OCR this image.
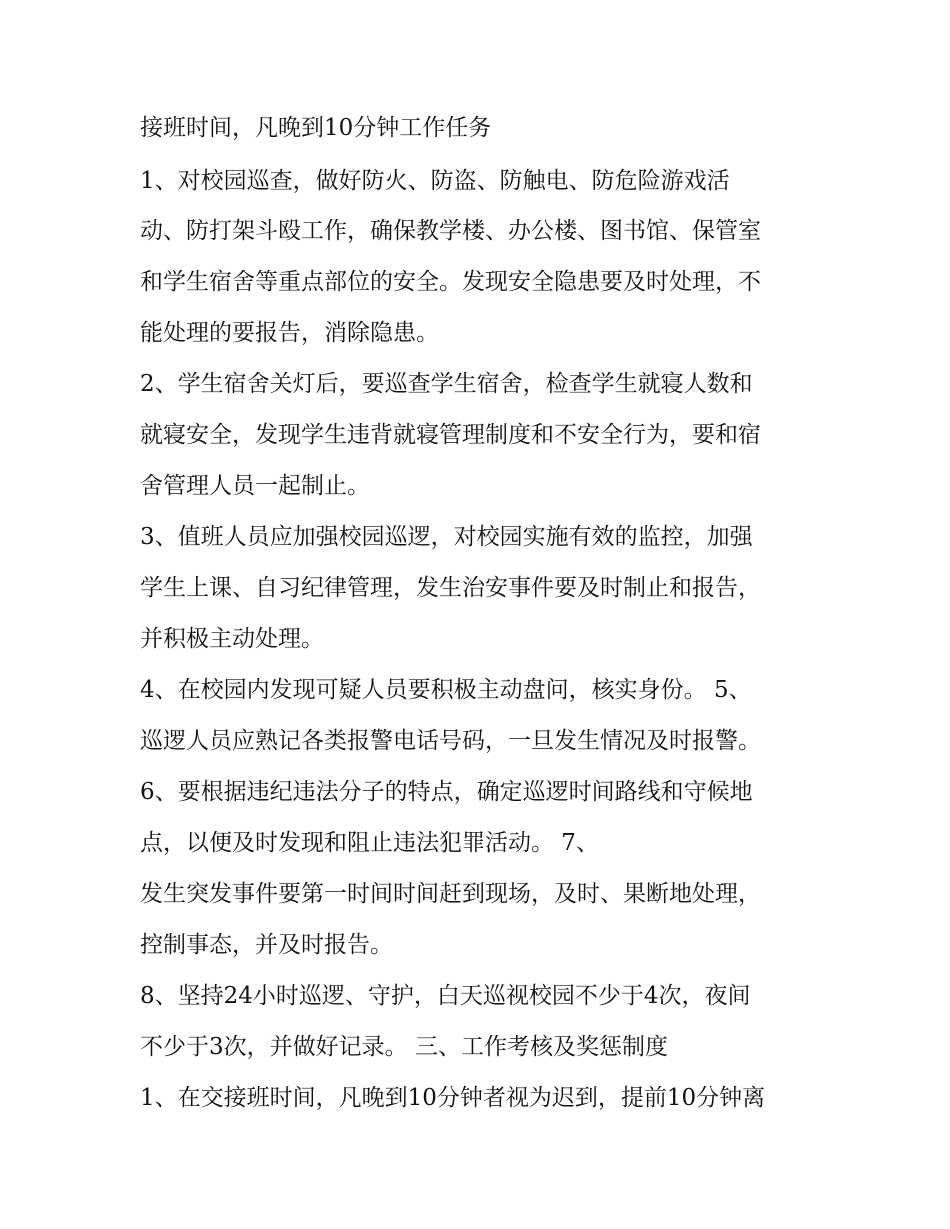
接班时间，凡晚到10分钟工作任务
1、对校园巡查，做好防火、防盗、防触电、防危险游戏活
动、防打架斗殴工作，确保教学楼、办公楼、图书馆、保管室
和学生宿舍等重点部位的安全。发现安全隐患要及时处理，不
能处理的要报告，消除隐患。
2、学生宿舍关灯后，要巡查学生宿舍，检查学生就寝人数和
就寝安全，发现学生违背就寝管理制度和不安全行为，要和宿
舍管理人员一起制止。
3、值班人员应加强校园巡逻，对校园实施有效的监控，加强
学生上课、自习纪律管理，发生治安事件要及时制止和报告，
并积极主动处理。
4、在校园内发现可疑人员要积极主动盘问，核实身份。 5、
巡逻人员应熟记各类报警电话号码，一旦发生情况及时报警。
6、要根据违纪违法分子的特点，确定巡逻时间路线和守候地
点，以便及时发现和阻止违法犯罪活动。 7、
发生突发事件要第一时间时间赶到现场，及时、果断地处理，
控制事态，并及时报告。
8、坚持24小时巡逻、守护，白天巡视校园不少于4次，夜间
不少于3次，并做好记录。 三、工作考核及奖惩制度
1、在交接班时间，凡晚到10分钟者视为迟到，提前10分钟离
